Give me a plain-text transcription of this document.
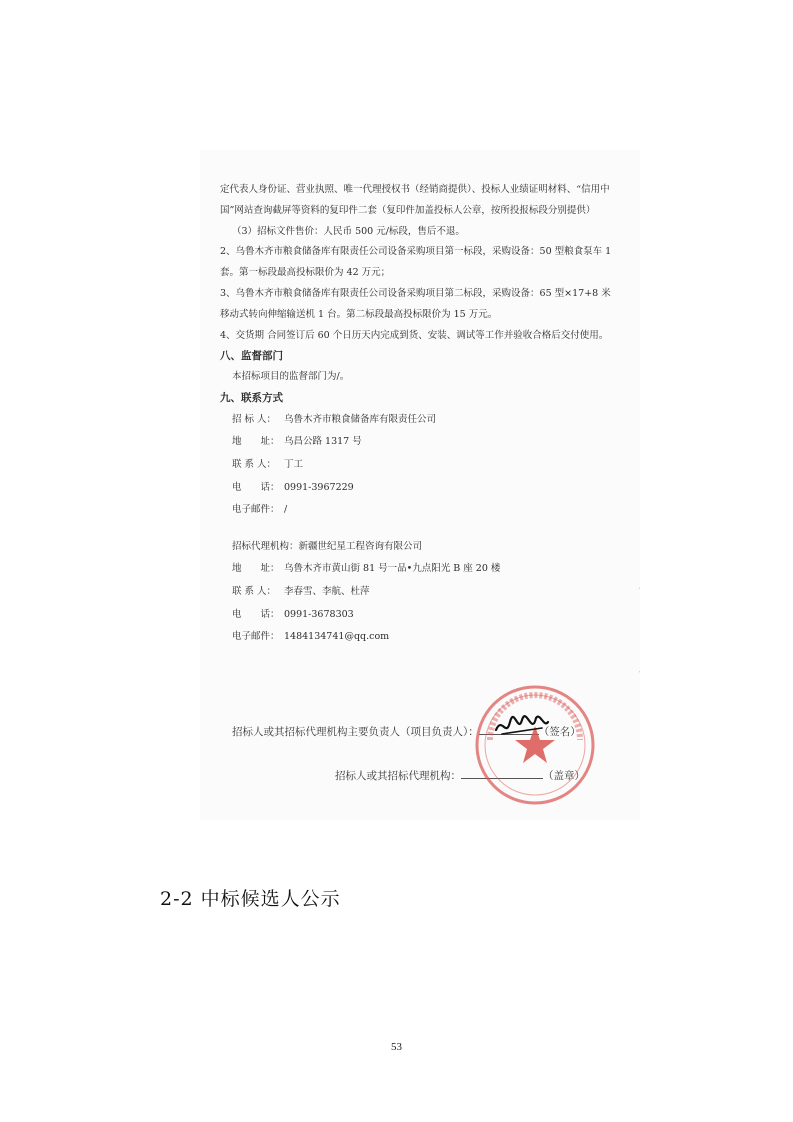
定代表人身份证、营业执照、唯一代理授权书（经销商提供）、投标人业绩证明材料、“信用中国”网站查询截屏等资料的复印件二套（复印件加盖投标人公章，按所投报标段分别提供）

（3）招标文件售价：人民币 500 元/标段，售后不退。

2、乌鲁木齐市粮食储备库有限责任公司设备采购项目第一标段，采购设备：50 型粮食泵车 1 套。第一标段最高投标限价为 42 万元；

3、乌鲁木齐市粮食储备库有限责任公司设备采购项目第二标段，采购设备：65 型×17+8 米移动式转向伸缩输送机 1 台。第二标段最高投标限价为 15 万元。

4、交货期 合同签订后 60 个日历天内完成到货、安装、调试等工作并验收合格后交付使用。

八、监督部门

本招标项目的监督部门为/。

九、联系方式

招 标 人： 乌鲁木齐市粮食储备库有限责任公司

地　　址： 乌昌公路 1317 号

联 系 人： 丁工

电　　话： 0991-3967229

电子邮件： /

招标代理机构：新疆世纪星工程咨询有限公司

地　　址： 乌鲁木齐市黄山街 81 号一品•九点阳光 B 座 20 楼

联 系 人： 李春雪、李航、杜萍

电　　话： 0991-3678303

电子邮件： 1484134741@qq.com

招标人或其招标代理机构主要负责人（项目负责人）：	（签名）
招标人或其招标代理机构：	（盖章）
2-2 中标候选人公示
53
